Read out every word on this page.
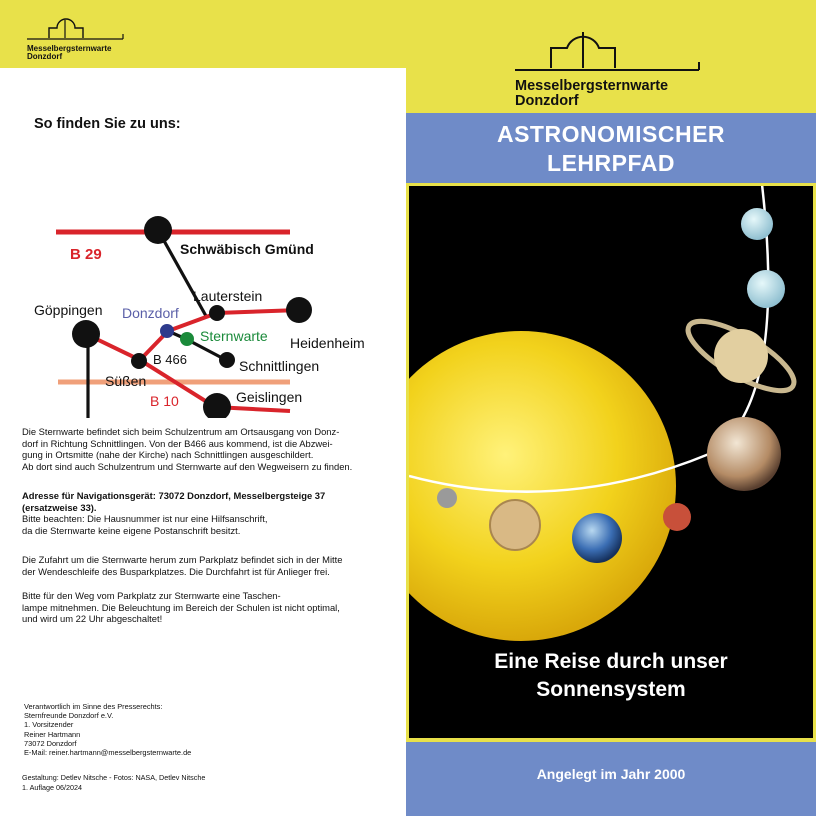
Messelbergsternwarte
Donzdorf
So finden Sie zu uns:
B 29	Schwäbisch Gmünd
Lauterstein
Donzdorf
Göppingen
Sternwarte Heidenheim
B 466	Schnittlingen
Süßen
B 10	Geislingen
Die Sternwarte befindet sich beim Schulzentrum am Ortsausgang von Donz-
dorf in Richtung Schnittlingen. Von der B466 aus kommend, ist die Abzwei-
gung in Ortsmitte (nahe der Kirche) nach Schnittlingen ausgeschildert.
Ab dort sind auch Schulzentrum und Sternwarte auf den Wegweisern zu finden.
Adresse für Navigationsgerät: 73072 Donzdorf, Messelbergsteige 37
(ersatzweise 33).
Bitte beachten: Die Hausnummer ist nur eine Hilfsanschrift,
da die Sternwarte keine eigene Postanschrift besitzt.
Die Zufahrt um die Sternwarte herum zum Parkplatz befindet sich in der Mitte
der Wendeschleife des Busparkplatzes. Die Durchfahrt ist für Anlieger frei.
Bitte für den Weg vom Parkplatz zur Sternwarte eine Taschen-
lampe mitnehmen. Die Beleuchtung im Bereich der Schulen ist nicht optimal,
und wird um 22 Uhr abgeschaltet!
Verantwortlich im Sinne des Presserechts:
Sternfreunde Donzdorf e.V.
1. Vorsitzender
Reiner Hartmann
73072 Donzdorf
E-Mail: reiner.hartmann@messelbergsternwarte.de
Gestaltung: Detlev Nitsche - Fotos: NASA, Detlev Nitsche
1. Auflage 06/2024
Messelbergsternwarte
Donzdorf
ASTRONOMISCHER
LEHRPFAD
Eine Reise durch unser
Sonnensystem
Angelegt im Jahr 2000
